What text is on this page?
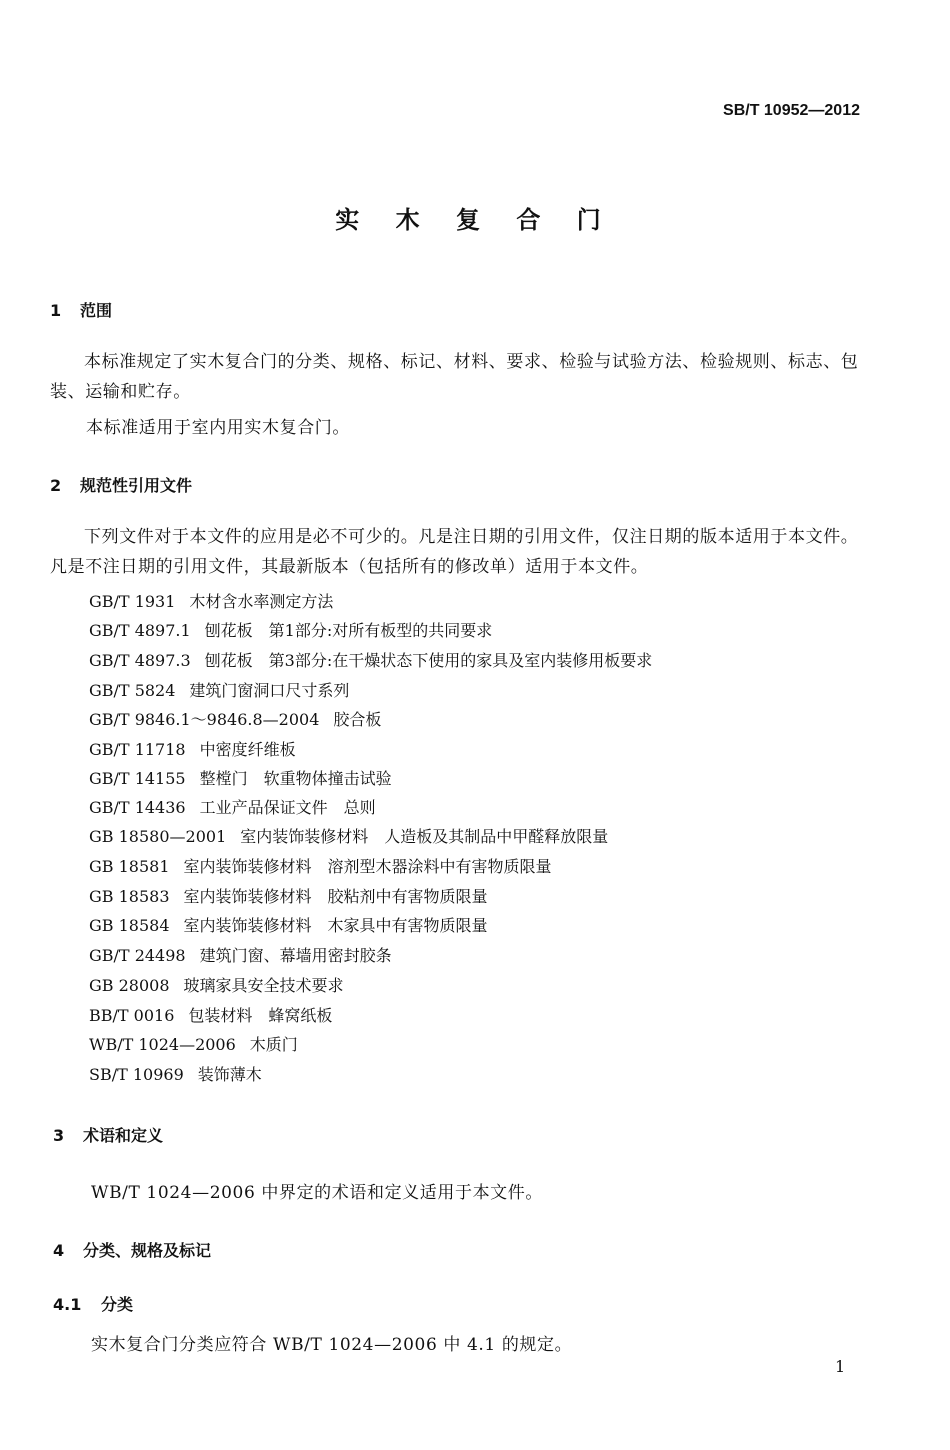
SB/T 10952—2012
实 木 复 合 门
1 范围
本标准规定了实木复合门的分类、规格、标记、材料、要求、检验与试验方法、检验规则、标志、包装、运输和贮存。
本标准适用于室内用实木复合门。
2 规范性引用文件
下列文件对于本文件的应用是必不可少的。凡是注日期的引用文件，仅注日期的版本适用于本文件。凡是不注日期的引用文件，其最新版本（包括所有的修改单）适用于本文件。
GB/T 1931 木材含水率测定方法
GB/T 4897.1 刨花板　第1部分:对所有板型的共同要求
GB/T 4897.3 刨花板　第3部分:在干燥状态下使用的家具及室内装修用板要求
GB/T 5824 建筑门窗洞口尺寸系列
GB/T 9846.1～9846.8—2004 胶合板
GB/T 11718 中密度纤维板
GB/T 14155 整樘门　软重物体撞击试验
GB/T 14436 工业产品保证文件　总则
GB 18580—2001 室内装饰装修材料　人造板及其制品中甲醛释放限量
GB 18581 室内装饰装修材料　溶剂型木器涂料中有害物质限量
GB 18583 室内装饰装修材料　胶粘剂中有害物质限量
GB 18584 室内装饰装修材料　木家具中有害物质限量
GB/T 24498 建筑门窗、幕墙用密封胶条
GB 28008 玻璃家具安全技术要求
BB/T 0016 包装材料　蜂窝纸板
WB/T 1024—2006 木质门
SB/T 10969 装饰薄木
3 术语和定义
WB/T 1024—2006 中界定的术语和定义适用于本文件。
4 分类、规格及标记
4.1 分类
实木复合门分类应符合 WB/T 1024—2006 中 4.1 的规定。
1
